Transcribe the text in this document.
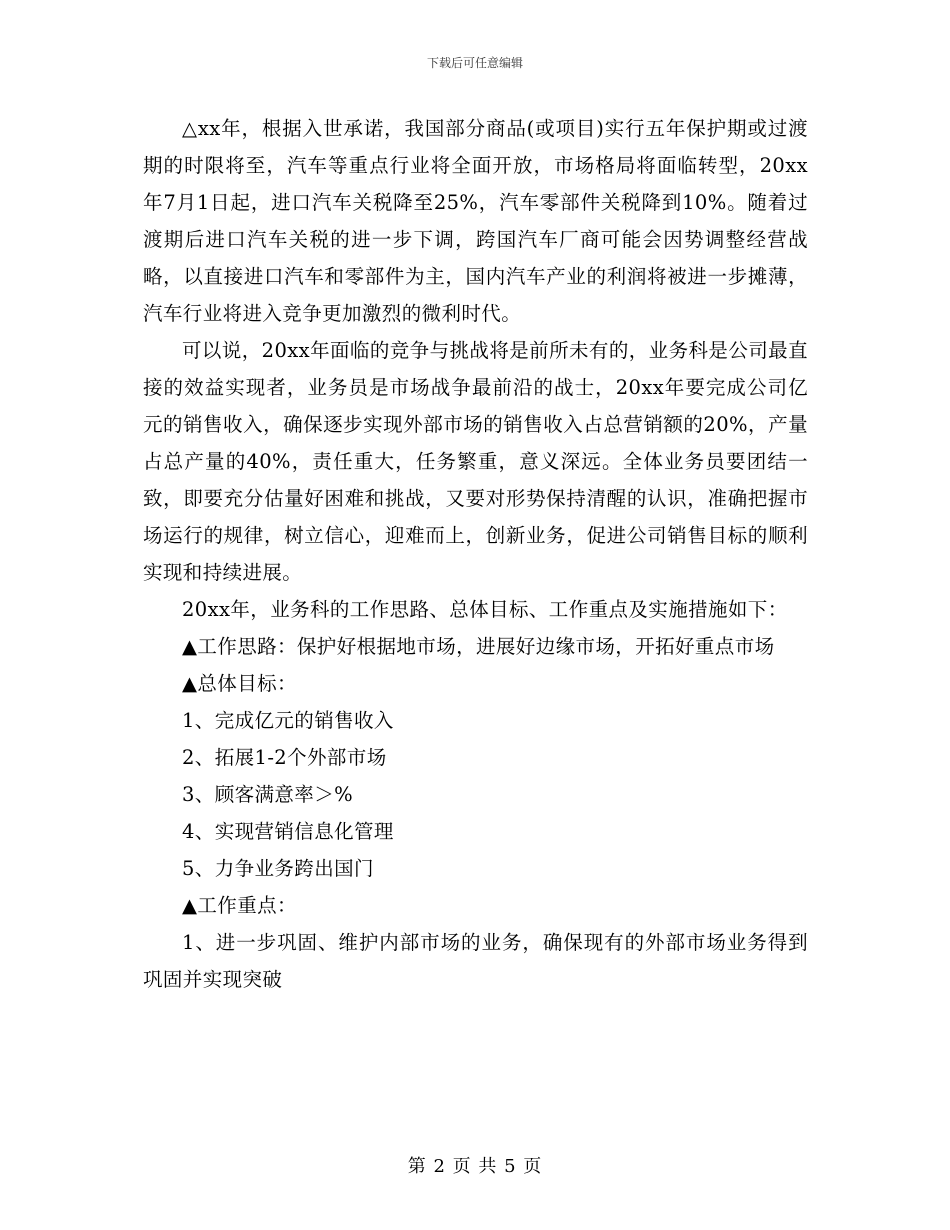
下载后可任意编辑

△xx年，根据入世承诺，我国部分商品(或项目)实行五年保护期或过渡期的时限将至，汽车等重点行业将全面开放，市场格局将面临转型，20xx年7月1日起，进口汽车关税降至25%，汽车零部件关税降到10%。随着过渡期后进口汽车关税的进一步下调，跨国汽车厂商可能会因势调整经营战略，以直接进口汽车和零部件为主，国内汽车产业的利润将被进一步摊薄，汽车行业将进入竞争更加激烈的微利时代。

可以说，20xx年面临的竞争与挑战将是前所未有的，业务科是公司最直接的效益实现者，业务员是市场战争最前沿的战士，20xx年要完成公司亿元的销售收入，确保逐步实现外部市场的销售收入占总营销额的20%，产量占总产量的40%，责任重大，任务繁重，意义深远。全体业务员要团结一致，即要充分估量好困难和挑战，又要对形势保持清醒的认识，准确把握市场运行的规律，树立信心，迎难而上，创新业务，促进公司销售目标的顺利实现和持续进展。

20xx年，业务科的工作思路、总体目标、工作重点及实施措施如下：

▲工作思路：保护好根据地市场，进展好边缘市场，开拓好重点市场

▲总体目标：

1、完成亿元的销售收入

2、拓展1-2个外部市场

3、顾客满意率＞%

4、实现营销信息化管理

5、力争业务跨出国门

▲工作重点：

1、进一步巩固、维护内部市场的业务，确保现有的外部市场业务得到巩固并实现突破

第 2 页 共 5 页
